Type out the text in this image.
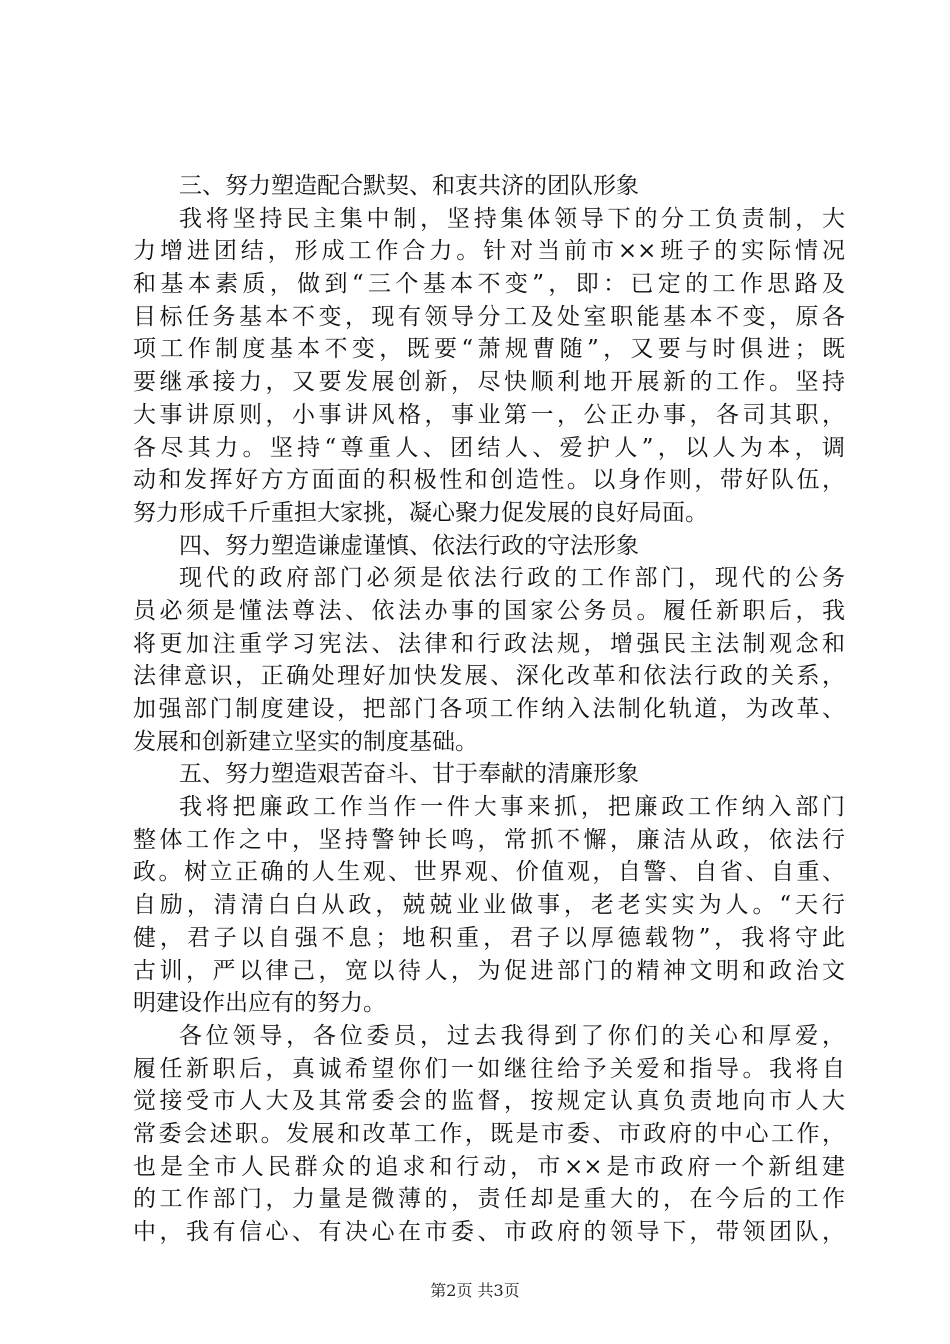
三、努力塑造配合默契、和衷共济的团队形象
我将坚持民主集中制，坚持集体领导下的分工负责制，大
力增进团结，形成工作合力。针对当前市××班子的实际情况
和基本素质，做到“三个基本不变”，即：已定的工作思路及
目标任务基本不变，现有领导分工及处室职能基本不变，原各
项工作制度基本不变，既要“萧规曹随”，又要与时俱进；既
要继承接力，又要发展创新，尽快顺利地开展新的工作。坚持
大事讲原则，小事讲风格，事业第一，公正办事，各司其职，
各尽其力。坚持“尊重人、团结人、爱护人”，以人为本，调
动和发挥好方方面面的积极性和创造性。以身作则，带好队伍，
努力形成千斤重担大家挑，凝心聚力促发展的良好局面。
四、努力塑造谦虚谨慎、依法行政的守法形象
现代的政府部门必须是依法行政的工作部门，现代的公务
员必须是懂法尊法、依法办事的国家公务员。履任新职后，我
将更加注重学习宪法、法律和行政法规，增强民主法制观念和
法律意识，正确处理好加快发展、深化改革和依法行政的关系，
加强部门制度建设，把部门各项工作纳入法制化轨道，为改革、
发展和创新建立坚实的制度基础。
五、努力塑造艰苦奋斗、甘于奉献的清廉形象
我将把廉政工作当作一件大事来抓，把廉政工作纳入部门
整体工作之中，坚持警钟长鸣，常抓不懈，廉洁从政，依法行
政。树立正确的人生观、世界观、价值观，自警、自省、自重、
自励，清清白白从政，兢兢业业做事，老老实实为人。“天行
健，君子以自强不息；地积重，君子以厚德载物”，我将守此
古训，严以律己，宽以待人，为促进部门的精神文明和政治文
明建设作出应有的努力。
各位领导，各位委员，过去我得到了你们的关心和厚爱，
履任新职后，真诚希望你们一如继往给予关爱和指导。我将自
觉接受市人大及其常委会的监督，按规定认真负责地向市人大
常委会述职。发展和改革工作，既是市委、市政府的中心工作，
也是全市人民群众的追求和行动，市××是市政府一个新组建
的工作部门，力量是微薄的，责任却是重大的，在今后的工作
中，我有信心、有决心在市委、市政府的领导下，带领团队，
第2页 共3页
